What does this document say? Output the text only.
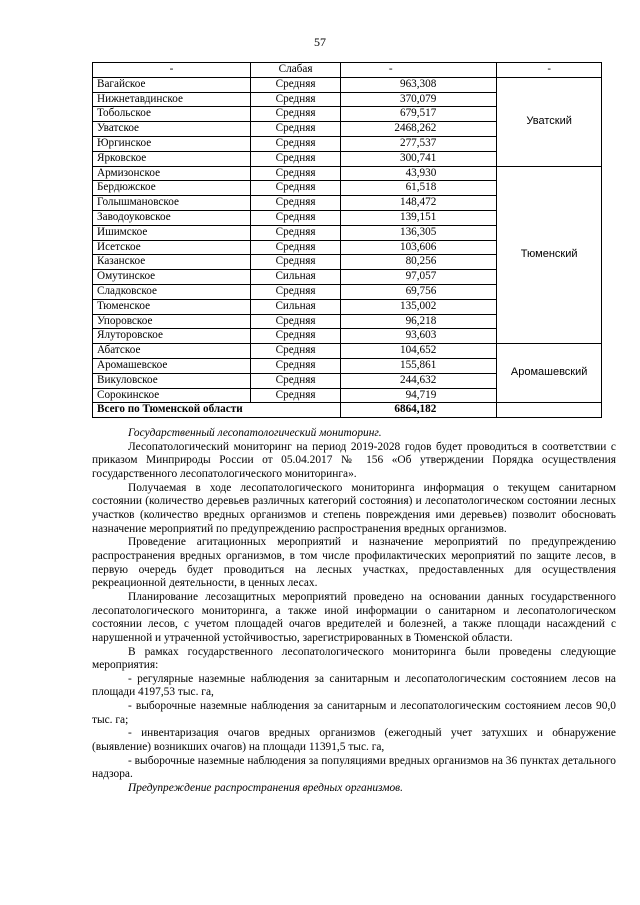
57
-	Слабая	-	-
Вагайское	Средняя	963,308	Уватский
Нижнетавдинское	Средняя	370,079	
Тобольское	Средняя	679,517	
Уватское	Средняя	2468,262	
Юргинское	Средняя	277,537	
Ярковское	Средняя	300,741	
Армизонское	Средняя	43,930	Тюменский
Бердюжское	Средняя	61,518	
Голышмановское	Средняя	148,472	
Заводоуковское	Средняя	139,151	
Ишимское	Средняя	136,305	
Исетское	Средняя	103,606	
Казанское	Средняя	80,256	
Омутинское	Сильная	97,057	
Сладковское	Средняя	69,756	
Тюменское	Сильная	135,002	
Упоровское	Средняя	96,218	
Ялуторовское	Средняя	93,603	
Абатское	Средняя	104,652	Аромашевский
Аромашевское	Средняя	155,861	
Викуловское	Средняя	244,632	
Сорокинское	Средняя	94,719	
Всего по Тюменской области		6864,182	

Государственный лесопатологический мониторинг.

Лесопатологический мониторинг на период 2019-2028 годов будет проводиться в соответствии с приказом Минприроды России от 05.04.2017 № 156 «Об утверждении Порядка осуществления государственного лесопатологического мониторинга».

Получаемая в ходе лесопатологического мониторинга информация о текущем санитарном состоянии (количество деревьев различных категорий состояния) и лесопатологическом состоянии лесных участков (количество вредных организмов и степень повреждения ими деревьев) позволит обосновать назначение мероприятий по предупреждению распространения вредных организмов.

Проведение агитационных мероприятий и назначение мероприятий по предупреждению распространения вредных организмов, в том числе профилактических мероприятий по защите лесов, в первую очередь будет проводиться на лесных участках, предоставленных для осуществления рекреационной деятельности, в ценных лесах.

Планирование лесозащитных мероприятий проведено на основании данных государственного лесопатологического мониторинга, а также иной информации о санитарном и лесопатологическом состоянии лесов, с учетом площадей очагов вредителей и болезней, а также площади насаждений с нарушенной и утраченной устойчивостью, зарегистрированных в Тюменской области.

В рамках государственного лесопатологического мониторинга были проведены следующие мероприятия:

- регулярные наземные наблюдения за санитарным и лесопатологическим состоянием лесов на площади 4197,53 тыс. га,

- выборочные наземные наблюдения за санитарным и лесопатологическим состоянием лесов 90,0 тыс. га;

- инвентаризация очагов вредных организмов (ежегодный учет затухших и обнаружение (выявление) возникших очагов) на площади 11391,5 тыс. га,

- выборочные наземные наблюдения за популяциями вредных организмов на 36 пунктах детального надзора.

Предупреждение распространения вредных организмов.
